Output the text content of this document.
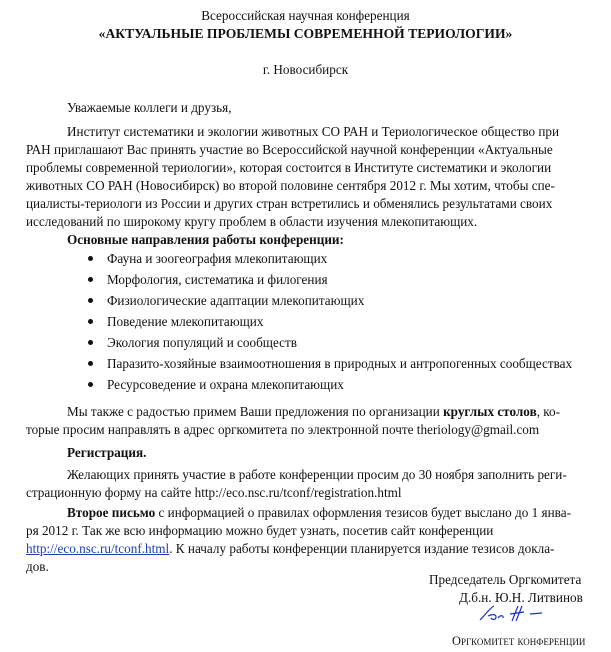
Всероссийская научная конференция
«АКТУАЛЬНЫЕ ПРОБЛЕМЫ СОВРЕМЕННОЙ ТЕРИОЛОГИИ»
г. Новосибирск
Уважаемые коллеги и друзья,
Институт систематики и экологии животных СО РАН и Териологическое общество при
РАН приглашают Вас принять участие во Всероссийской научной конференции «Актуальные
проблемы современной териологии», которая состоится в Институте систематики и экологии
животных СО РАН (Новосибирск) во второй половине сентября 2012 г. Мы хотим, чтобы спе-
циалисты-териологи из России и других стран встретились и обменялись результатами своих
исследований по широкому кругу проблем в области изучения млекопитающих.
Основные направления работы конференции:
Фауна и зоогеография млекопитающих
Морфология, систематика и филогения
Физиологические адаптации млекопитающих
Поведение млекопитающих
Экология популяций и сообществ
Паразито-хозяйные взаимоотношения в природных и антропогенных сообществах
Ресурсоведение и охрана млекопитающих
Мы также с радостью примем Ваши предложения по организации круглых столов, ко-
торые просим направлять в адрес оргкомитета по электронной почте theriology@gmail.com
Регистрация.
Желающих принять участие в работе конференции просим до 30 ноября заполнить реги-
страционную форму на сайте http://eco.nsc.ru/tconf/registration.html
Второе письмо с информацией о правилах оформления тезисов будет выслано до 1 янва-
ря 2012 г. Так же всю информацию можно будет узнать, посетив сайт конференции
http://eco.nsc.ru/tconf.html. К началу работы конференции планируется издание тезисов докла-
дов.
Председатель Оргкомитета
Д.б.н. Ю.Н. Литвинов
Оргкомитет конференции
